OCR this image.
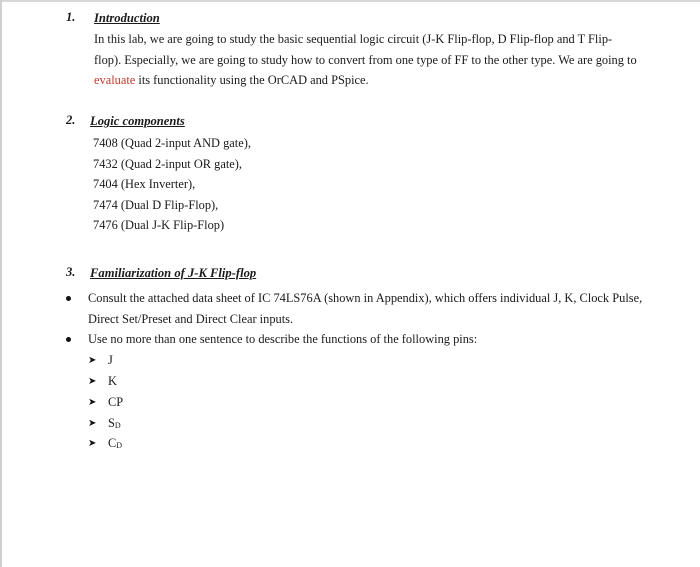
1. Introduction
In this lab, we are going to study the basic sequential logic circuit (J-K Flip-flop, D Flip-flop and T Flip-flop). Especially, we are going to study how to convert from one type of FF to the other type. We are going to evaluate its functionality using the OrCAD and PSpice.
2. Logic components
7408 (Quad 2-input AND gate),
7432 (Quad 2-input OR gate),
7404 (Hex Inverter),
7474 (Dual D Flip-Flop),
7476 (Dual J-K Flip-Flop)
3. Familiarization of J-K Flip-flop
Consult the attached data sheet of IC 74LS76A (shown in Appendix), which offers individual J, K, Clock Pulse, Direct Set/Preset and Direct Clear inputs.
Use no more than one sentence to describe the functions of the following pins:
➤ J
➤ K
➤ CP
➤ $S_D$
➤ $C_D$
